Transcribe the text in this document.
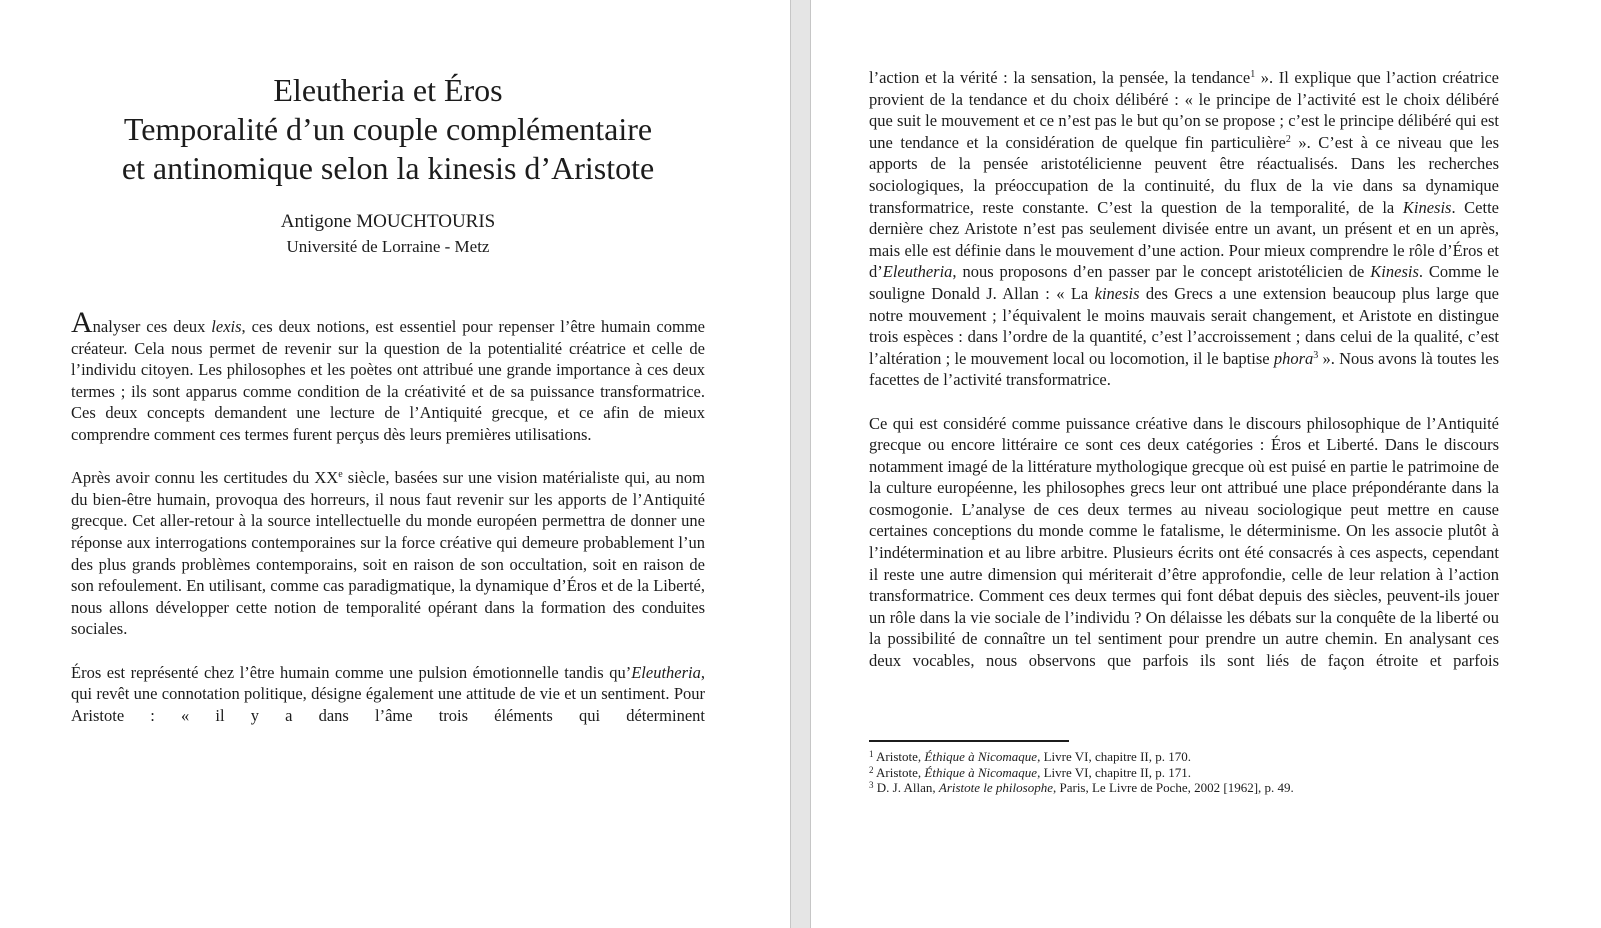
Eleutheria et Éros
Temporalité d’un couple complémentaire
et antinomique selon la kinesis d’Aristote
Antigone MOUCHTOURIS
Université de Lorraine - Metz

Analyser ces deux lexis, ces deux notions, est essentiel pour repenser l’être humain comme créateur. Cela nous permet de revenir sur la question de la potentialité créatrice et celle de l’individu citoyen. Les philosophes et les poètes ont attribué une grande importance à ces deux termes ; ils sont apparus comme condition de la créativité et de sa puissance transformatrice. Ces deux concepts demandent une lecture de l’Antiquité grecque, et ce afin de mieux comprendre comment ces termes furent perçus dès leurs premières utilisations.

Après avoir connu les certitudes du XXe siècle, basées sur une vision matérialiste qui, au nom du bien-être humain, provoqua des horreurs, il nous faut revenir sur les apports de l’Antiquité grecque. Cet aller-retour à la source intellectuelle du monde européen permettra de donner une réponse aux interrogations contemporaines sur la force créative qui demeure probablement l’un des plus grands problèmes contemporains, soit en raison de son occultation, soit en raison de son refoulement. En utilisant, comme cas paradigmatique, la dynamique d’Éros et de la Liberté, nous allons développer cette notion de temporalité opérant dans la formation des conduites sociales.

Éros est représenté chez l’être humain comme une pulsion émotionnelle tandis qu’Eleutheria, qui revêt une connotation politique, désigne également une attitude de vie et un sentiment. Pour Aristote : « il y a dans l’âme trois éléments qui déterminent

l’action et la vérité : la sensation, la pensée, la tendance$^1$ ». Il explique que l’action créatrice provient de la tendance et du choix délibéré : « le principe de l’activité est le choix délibéré que suit le mouvement et ce n’est pas le but qu’on se propose ; c’est le principe délibéré qui est une tendance et la considération de quelque fin particulière$^2$ ». C’est à ce niveau que les apports de la pensée aristotélicienne peuvent être réactualisés. Dans les recherches sociologiques, la préoccupation de la continuité, du flux de la vie dans sa dynamique transformatrice, reste constante. C’est la question de la temporalité, de la Kinesis. Cette dernière chez Aristote n’est pas seulement divisée entre un avant, un présent et en un après, mais elle est définie dans le mouvement d’une action. Pour mieux comprendre le rôle d’Éros et d’Eleutheria, nous proposons d’en passer par le concept aristotélicien de Kinesis. Comme le souligne Donald J. Allan : « La kinesis des Grecs a une extension beaucoup plus large que notre mouvement ; l’équivalent le moins mauvais serait changement, et Aristote en distingue trois espèces : dans l’ordre de la quantité, c’est l’accroissement ; dans celui de la qualité, c’est l’altération ; le mouvement local ou locomotion, il le baptise phora$^3$ ». Nous avons là toutes les facettes de l’activité transformatrice.

Ce qui est considéré comme puissance créative dans le discours philosophique de l’Antiquité grecque ou encore littéraire ce sont ces deux catégories : Éros et Liberté. Dans le discours notamment imagé de la littérature mythologique grecque où est puisé en partie le patrimoine de la culture européenne, les philosophes grecs leur ont attribué une place prépondérante dans la cosmogonie. L’analyse de ces deux termes au niveau sociologique peut mettre en cause certaines conceptions du monde comme le fatalisme, le déterminisme. On les associe plutôt à l’indétermination et au libre arbitre. Plusieurs écrits ont été consacrés à ces aspects, cependant il reste une autre dimension qui mériterait d’être approfondie, celle de leur relation à l’action transformatrice. Comment ces deux termes qui font débat depuis des siècles, peuvent-ils jouer un rôle dans la vie sociale de l’individu ? On délaisse les débats sur la conquête de la liberté ou la possibilité de connaître un tel sentiment pour prendre un autre chemin. En analysant ces deux vocables, nous observons que parfois ils sont liés de façon étroite et parfois

$^1$ Aristote, Éthique à Nicomaque, Livre VI, chapitre II, p. 170.

$^2$ Aristote, Éthique à Nicomaque, Livre VI, chapitre II, p. 171.

$^3$ D. J. Allan, Aristote le philosophe, Paris, Le Livre de Poche, 2002 [1962], p. 49.
